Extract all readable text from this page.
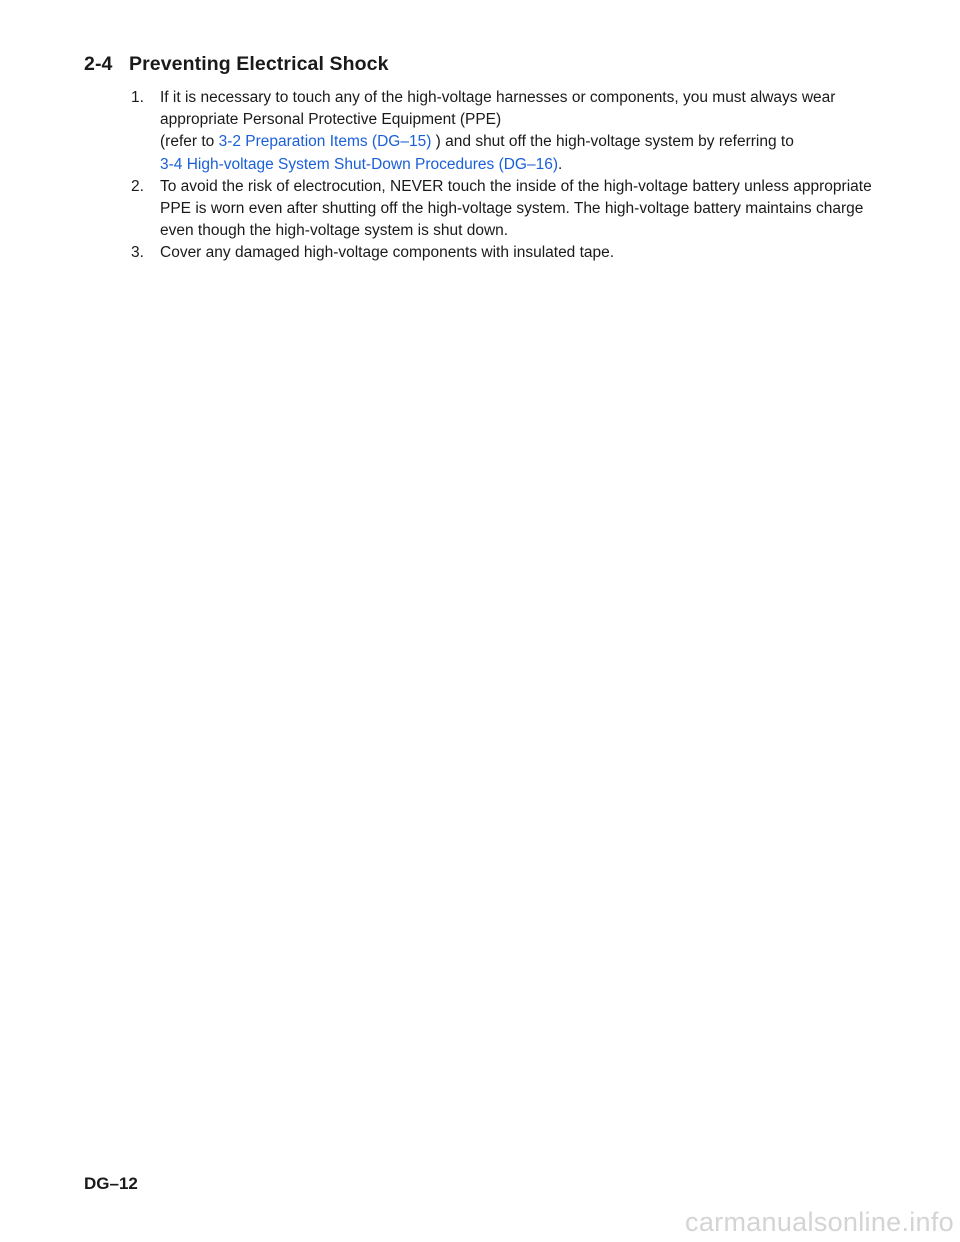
2-4 Preventing Electrical Shock
1. If it is necessary to touch any of the high-voltage harnesses or components, you must always wear appropriate Personal Protective Equipment (PPE)
(refer to 3-2 Preparation Items (DG–15) ) and shut off the high-voltage system by referring to
3-4 High-voltage System Shut-Down Procedures (DG–16).
2. To avoid the risk of electrocution, NEVER touch the inside of the high-voltage battery unless appropriate PPE is worn even after shutting off the high-voltage system. The high-voltage battery maintains charge even though the high-voltage system is shut down.
3. Cover any damaged high-voltage components with insulated tape.
DG–12
carmanualsonline.info
